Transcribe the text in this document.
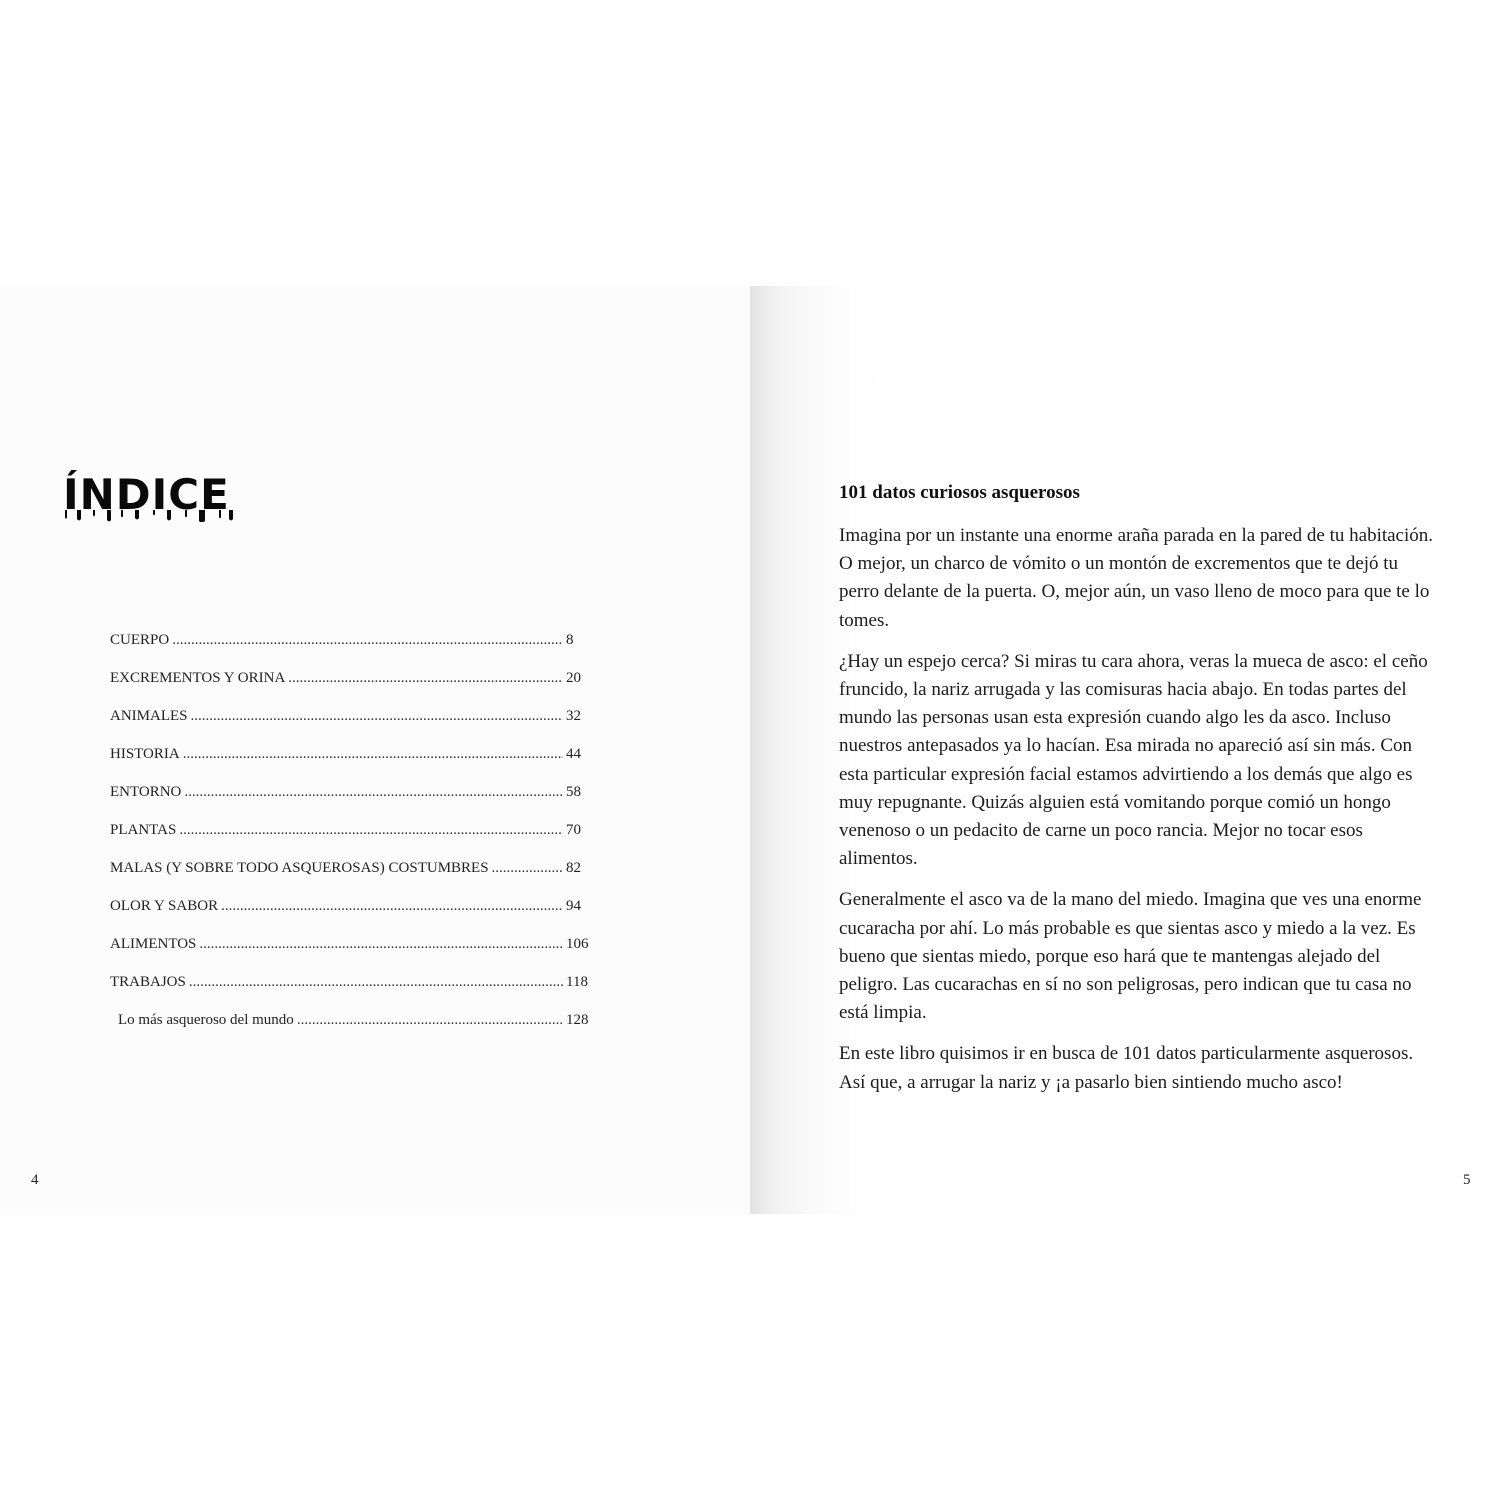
ÍNDICE
CUERPO .....	8
EXCREMENTOS Y ORINA .....	20
ANIMALES .....	32
HISTORIA .....	44
ENTORNO .....	58
PLANTAS .....	70
MALAS (Y SOBRE TODO ASQUEROSAS) COSTUMBRES .....	82
OLOR Y SABOR .....	94
ALIMENTOS .....	106
TRABAJOS .....	118
Lo más asqueroso del mundo .....	128
4
101 datos curiosos asquerosos

Imagina por un instante una enorme araña parada en la pared de tu habitación. O mejor, un charco de vómito o un montón de excrementos que te dejó tu perro delante de la puerta. O, mejor aún, un vaso lleno de moco para que te lo tomes.

¿Hay un espejo cerca? Si miras tu cara ahora, veras la mueca de asco: el ceño fruncido, la nariz arrugada y las comisuras hacia abajo. En todas partes del mundo las personas usan esta expresión cuando algo les da asco. Incluso nuestros antepasados ya lo hacían. Esa mirada no apareció así sin más. Con esta particular expresión facial estamos advirtiendo a los demás que algo es muy repugnante. Quizás alguien está vomitando porque comió un hongo venenoso o un pedacito de carne un poco rancia. Mejor no tocar esos alimentos.

Generalmente el asco va de la mano del miedo. Imagina que ves una enorme cucaracha por ahí. Lo más probable es que sientas asco y miedo a la vez. Es bueno que sientas miedo, porque eso hará que te mantengas alejado del peligro. Las cucarachas en sí no son peligrosas, pero indican que tu casa no está limpia.

En este libro quisimos ir en busca de 101 datos particularmente asquerosos. Así que, a arrugar la nariz y ¡a pasarlo bien sintiendo mucho asco!

5
